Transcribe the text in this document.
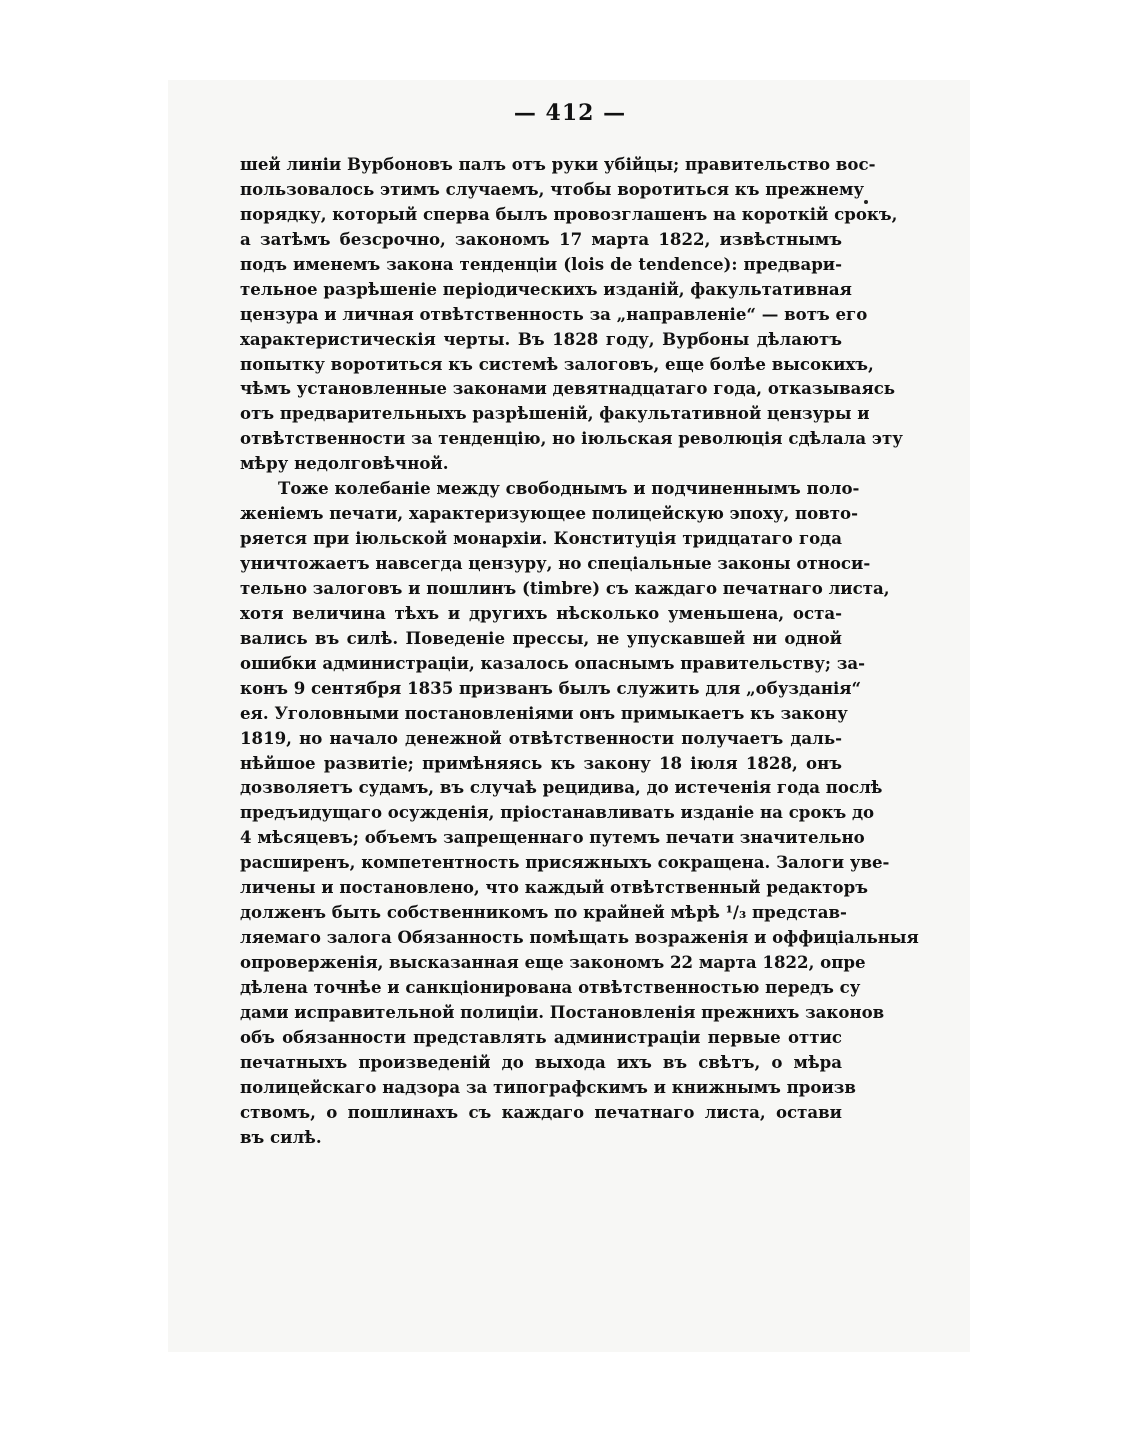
— 412 —
шей линіи Вурбоновъ палъ отъ руки убійцы; правительство вос-
пользовалось этимъ случаемъ, чтобы воротиться къ прежнему
порядку, который сперва былъ провозглашенъ на короткій срокъ,
а затѣмъ безсрочно, закономъ 17 марта 1822, извѣстнымъ
подъ именемъ закона тенденціи (lois de tendence): предвари-
тельное разрѣшеніе періодическихъ изданій, факультативная
цензура и личная отвѣтственность за „направленіе“ — вотъ его
характеристическія черты. Въ 1828 году, Вурбоны дѣлаютъ
попытку воротиться къ системѣ залоговъ, еще болѣе высокихъ,
чѣмъ установленные законами девятнадцатаго года, отказываясь
отъ предварительныхъ разрѣшеній, факультативной цензуры и
отвѣтственности за тенденцію, но іюльская революція сдѣлала эту
мѣру недолговѣчной.
Тоже колебаніе между свободнымъ и подчиненнымъ поло-
женіемъ печати, характеризующее полицейскую эпоху, повто-
ряется при іюльской монархіи. Конституція тридцатаго года
уничтожаетъ навсегда цензуру, но спеціальные законы относи-
тельно залоговъ и пошлинъ (timbre) съ каждаго печатнаго листа,
хотя величина тѣхъ и другихъ нѣсколько уменьшена, оста-
вались въ силѣ. Поведеніе прессы, не упускавшей ни одной
ошибки администраціи, казалось опаснымъ правительству; за-
конъ 9 сентября 1835 призванъ былъ служить для „обузданія“
ея. Уголовными постановленіями онъ примыкаетъ къ закону
1819, но начало денежной отвѣтственности получаетъ даль-
нѣйшое развитіе; примѣняясь къ закону 18 іюля 1828, онъ
дозволяетъ судамъ, въ случаѣ рецидива, до истеченія года послѣ
предъидущаго осужденія, пріостанавливать изданіе на срокъ до
4 мѣсяцевъ; объемъ запрещеннаго путемъ печати значительно
расширенъ, компетентность присяжныхъ сокращена. Залоги уве-
личены и постановлено, что каждый отвѣтственный редакторъ
долженъ быть собственникомъ по крайней мѣрѣ ¹/₃ представ-
ляемаго залога Обязанность помѣщать возраженія и оффиціальныя
опроверженія, высказанная еще закономъ 22 марта 1822, опре
дѣлена точнѣе и санкціонирована отвѣтственностью передъ су
дами исправительной полиціи. Постановленія прежнихъ законов
объ обязанности представлять администраціи первые оттис
печатныхъ произведеній до выхода ихъ въ свѣтъ, о мѣра
полицейскаго надзора за типографскимъ и книжнымъ произв
ствомъ, о пошлинахъ съ каждаго печатнаго листа, остави
въ силѣ.
